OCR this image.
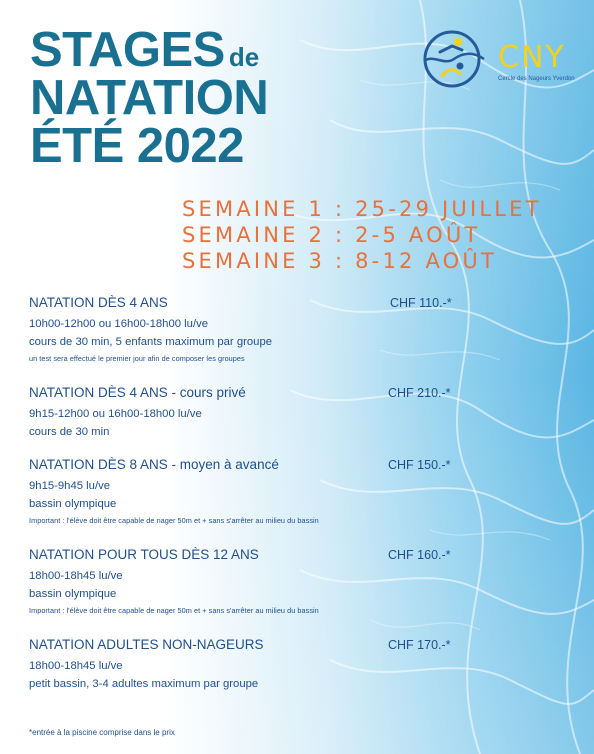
STAGES de
NATATION
ÉTÉ 2022
CNY
Cercle des Nageurs Yverdon
SEMAINE 1 : 25-29 JUILLET
SEMAINE 2 : 2-5 AOÛT
SEMAINE 3 : 8-12 AOÛT
NATATION DÈS 4 ANS	CHF 110.-*
10h00-12h00 ou 16h00-18h00 lu/ve
cours de 30 min, 5 enfants maximum par groupe
un test sera effectué le premier jour afin de composer les groupes
NATATION DÈS 4 ANS - cours privé	CHF 210.-*
9h15-12h00 ou 16h00-18h00 lu/ve
cours de 30 min
NATATION DÈS 8 ANS - moyen à avancé	CHF 150.-*
9h15-9h45 lu/ve
bassin olympique
Important : l'élève doit être capable de nager 50m et + sans s'arrêter au milieu du bassin
NATATION POUR TOUS DÈS 12 ANS	CHF 160.-*
18h00-18h45 lu/ve
bassin olympique
Important : l'élève doit être capable de nager 50m et + sans s'arrêter au milieu du bassin
NATATION ADULTES NON-NAGEURS	CHF 170.-*
18h00-18h45 lu/ve
petit bassin, 3-4 adultes maximum par groupe
*entrée à la piscine comprise dans le prix
